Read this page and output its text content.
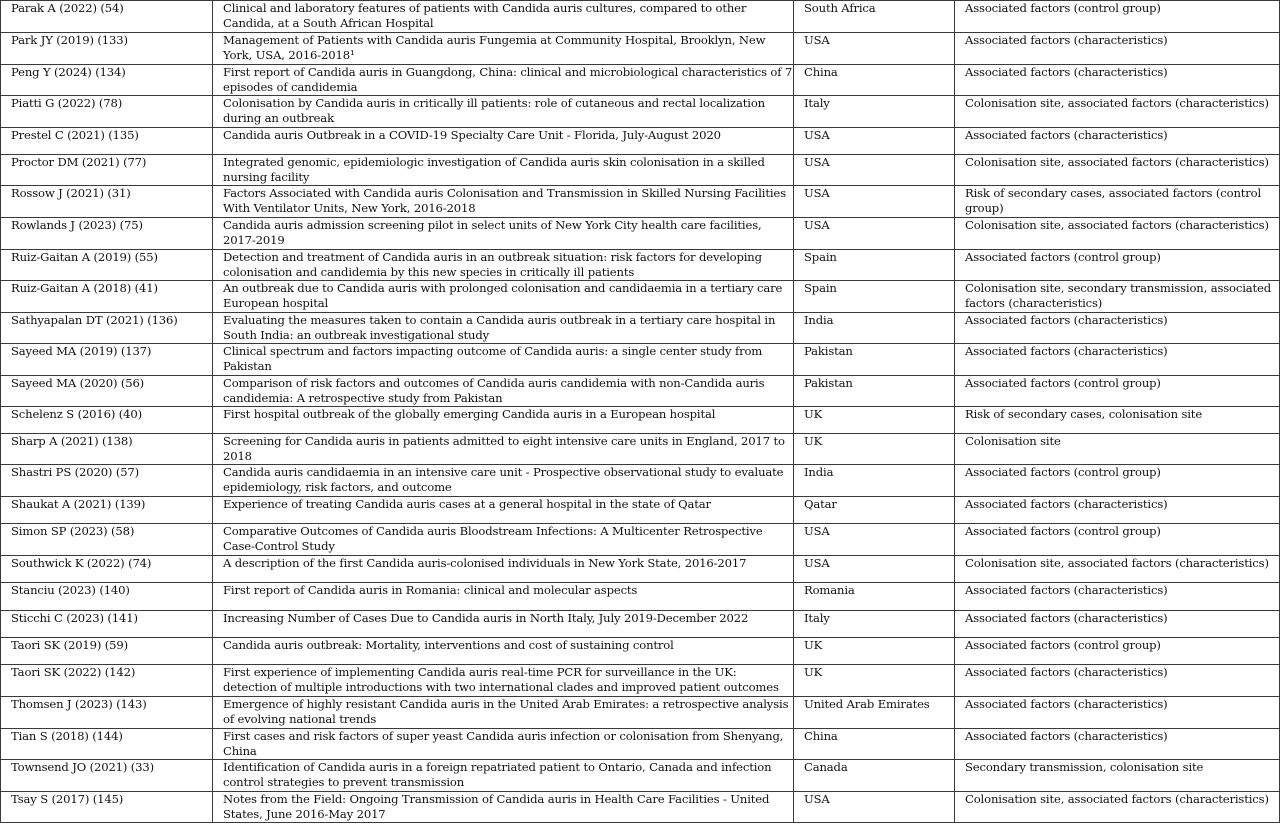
Parak A (2022) (54)	Clinical and laboratory features of patients with Candida auris cultures, compared to other Candida, at a South African Hospital	South Africa	Associated factors (control group)
Park JY (2019) (133)	Management of Patients with Candida auris Fungemia at Community Hospital, Brooklyn, New York, USA, 2016-2018¹	USA	Associated factors (characteristics)
Peng Y (2024) (134)	First report of Candida auris in Guangdong, China: clinical and microbiological characteristics of 7 episodes of candidemia	China	Associated factors (characteristics)
Piatti G (2022) (78)	Colonisation by Candida auris in critically ill patients: role of cutaneous and rectal localization during an outbreak	Italy	Colonisation site, associated factors (characteristics)
Prestel C (2021) (135)	Candida auris Outbreak in a COVID-19 Specialty Care Unit - Florida, July-August 2020	USA	Associated factors (characteristics)
Proctor DM (2021) (77)	Integrated genomic, epidemiologic investigation of Candida auris skin colonisation in a skilled nursing facility	USA	Colonisation site, associated factors (characteristics)
Rossow J (2021) (31)	Factors Associated with Candida auris Colonisation and Transmission in Skilled Nursing Facilities With Ventilator Units, New York, 2016-2018	USA	Risk of secondary cases, associated factors (control group)
Rowlands J (2023) (75)	Candida auris admission screening pilot in select units of New York City health care facilities, 2017-2019	USA	Colonisation site, associated factors (characteristics)
Ruiz-Gaitan A (2019) (55)	Detection and treatment of Candida auris in an outbreak situation: risk factors for developing colonisation and candidemia by this new species in critically ill patients	Spain	Associated factors (control group)
Ruiz-Gaitan A (2018) (41)	An outbreak due to Candida auris with prolonged colonisation and candidaemia in a tertiary care European hospital	Spain	Colonisation site, secondary transmission, associated factors (characteristics)
Sathyapalan DT (2021) (136)	Evaluating the measures taken to contain a Candida auris outbreak in a tertiary care hospital in South India: an outbreak investigational study	India	Associated factors (characteristics)
Sayeed MA (2019) (137)	Clinical spectrum and factors impacting outcome of Candida auris: a single center study from Pakistan	Pakistan	Associated factors (characteristics)
Sayeed MA (2020) (56)	Comparison of risk factors and outcomes of Candida auris candidemia with non-Candida auris candidemia: A retrospective study from Pakistan	Pakistan	Associated factors (control group)
Schelenz S (2016) (40)	First hospital outbreak of the globally emerging Candida auris in a European hospital	UK	Risk of secondary cases, colonisation site
Sharp A (2021) (138)	Screening for Candida auris in patients admitted to eight intensive care units in England, 2017 to 2018	UK	Colonisation site
Shastri PS (2020) (57)	Candida auris candidaemia in an intensive care unit - Prospective observational study to evaluate epidemiology, risk factors, and outcome	India	Associated factors (control group)
Shaukat A (2021) (139)	Experience of treating Candida auris cases at a general hospital in the state of Qatar	Qatar	Associated factors (characteristics)
Simon SP (2023) (58)	Comparative Outcomes of Candida auris Bloodstream Infections: A Multicenter Retrospective Case-Control Study	USA	Associated factors (control group)
Southwick K (2022) (74)	A description of the first Candida auris-colonised individuals in New York State, 2016-2017	USA	Colonisation site, associated factors (characteristics)
Stanciu (2023) (140)	First report of Candida auris in Romania: clinical and molecular aspects	Romania	Associated factors (characteristics)
Sticchi C (2023) (141)	Increasing Number of Cases Due to Candida auris in North Italy, July 2019-December 2022	Italy	Associated factors (characteristics)
Taori SK (2019) (59)	Candida auris outbreak: Mortality, interventions and cost of sustaining control	UK	Associated factors (control group)
Taori SK (2022) (142)	First experience of implementing Candida auris real-time PCR for surveillance in the UK: detection of multiple introductions with two international clades and improved patient outcomes	UK	Associated factors (characteristics)
Thomsen J (2023) (143)	Emergence of highly resistant Candida auris in the United Arab Emirates: a retrospective analysis of evolving national trends	United Arab Emirates	Associated factors (characteristics)
Tian S (2018) (144)	First cases and risk factors of super yeast Candida auris infection or colonisation from Shenyang, China	China	Associated factors (characteristics)
Townsend JO (2021) (33)	Identification of Candida auris in a foreign repatriated patient to Ontario, Canada and infection control strategies to prevent transmission	Canada	Secondary transmission, colonisation site
Tsay S (2017) (145)	Notes from the Field: Ongoing Transmission of Candida auris in Health Care Facilities - United States, June 2016-May 2017	USA	Colonisation site, associated factors (characteristics)
